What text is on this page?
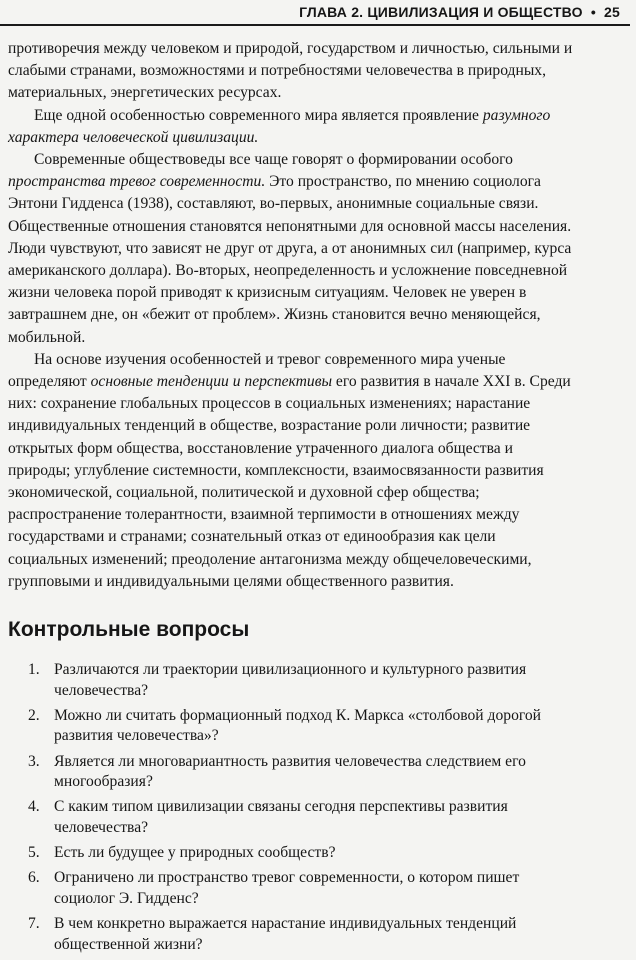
ГЛАВА 2. ЦИВИЛИЗАЦИЯ И ОБЩЕСТВО • 25

противоречия между человеком и природой, государством и личностью, сильными и слабыми странами, возможностями и потребностями человечества в природных, материальных, энергетических ресурсах.

Еще одной особенностью современного мира является проявление разумного характера человеческой цивилизации.

Современные обществоведы все чаще говорят о формировании особого пространства тревог современности. Это пространство, по мнению социолога Энтони Гидденса (1938), составляют, во-первых, анонимные социальные связи. Общественные отношения становятся непонятными для основной массы населения. Люди чувствуют, что зависят не друг от друга, а от анонимных сил (например, курса американского доллара). Во-вторых, неопределенность и усложнение повседневной жизни человека порой приводят к кризисным ситуациям. Человек не уверен в завтрашнем дне, он «бежит от проблем». Жизнь становится вечно меняющейся, мобильной.

На основе изучения особенностей и тревог современного мира ученые определяют основные тенденции и перспективы его развития в начале XXI в. Среди них: сохранение глобальных процессов в социальных изменениях; нарастание индивидуальных тенденций в обществе, возрастание роли личности; развитие открытых форм общества, восстановление утраченного диалога общества и природы; углубление системности, комплексности, взаимосвязанности развития экономической, социальной, политической и духовной сфер общества; распространение толерантности, взаимной терпимости в отношениях между государствами и странами; сознательный отказ от единообразия как цели социальных изменений; преодоление антагонизма между общечеловеческими, групповыми и индивидуальными целями общественного развития.

Контрольные вопросы
1. Различаются ли траектории цивилизационного и культурного развития человечества?
2. Можно ли считать формационный подход К. Маркса «столбовой дорогой развития человечества»?
3. Является ли многовариантность развития человечества следствием его многообразия?
4. С каким типом цивилизации связаны сегодня перспективы развития человечества?
5. Есть ли будущее у природных сообществ?
6. Ограничено ли пространство тревог современности, о котором пишет социолог Э. Гидденс?
7. В чем конкретно выражается нарастание индивидуальных тенденций общественной жизни?
